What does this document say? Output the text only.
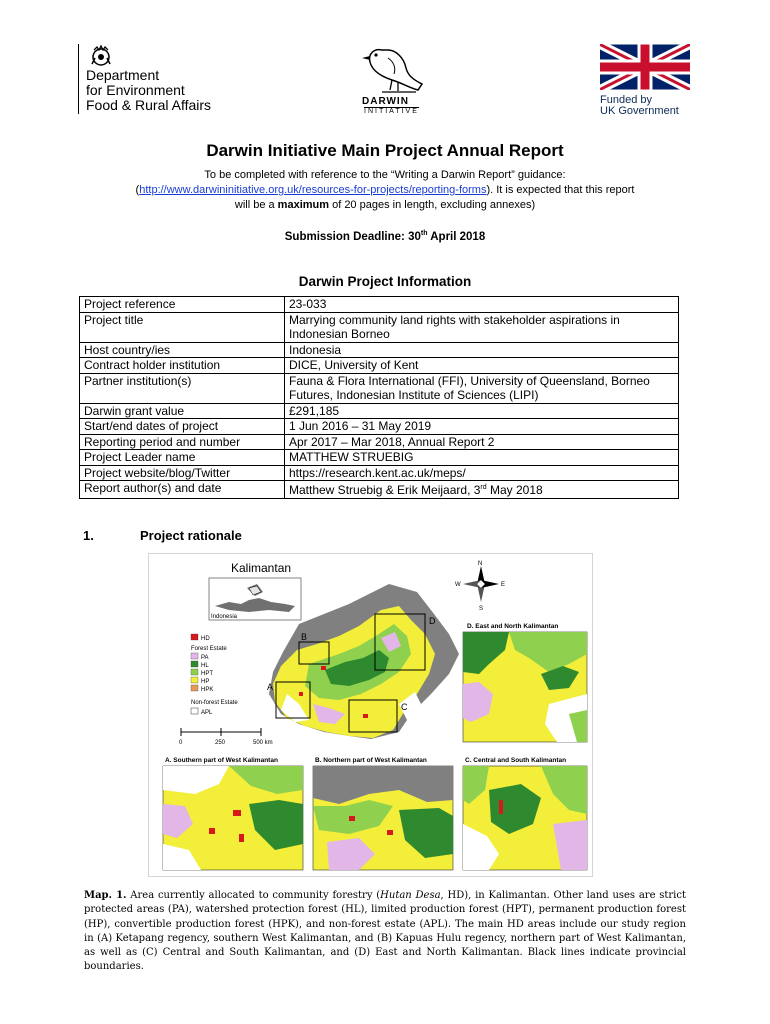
Department
for Environment
Food & Rural Affairs	DARWIN
INITIATIVE
Funded by
UK Government
Darwin Initiative Main Project Annual Report
To be completed with reference to the “Writing a Darwin Report” guidance:
(http://www.darwininitiative.org.uk/resources-for-projects/reporting-forms). It is expected that this report
will be a maximum of 20 pages in length, excluding annexes)
Submission Deadline: 30th April 2018
Darwin Project Information
Project reference	23-033
Project title	Marrying community land rights with stakeholder aspirations in Indonesian Borneo
Host country/ies	Indonesia
Contract holder institution	DICE, University of Kent
Partner institution(s)	Fauna & Flora International (FFI), University of Queensland, Borneo Futures, Indonesian Institute of Sciences (LIPI)
Darwin grant value	£291,185
Start/end dates of project	1 Jun 2016 – 31 May 2019
Reporting period and number	Apr 2017 – Mar 2018, Annual Report 2
Project Leader name	MATTHEW STRUEBIG
Project website/blog/Twitter	https://research.kent.ac.uk/meps/
Report author(s) and date	Matthew Struebig & Erik Meijaard, 3rd May 2018
1.	Project rationale
A
B
C
D
Kalimantan
Indonesia
N
S
W	E
HD
Forest Estate
PA
HL
HPT
HP
HPK
Non-forest Estate
APL
0	250	500 km
D. East and North Kalimantan
A. Southern part of West Kalimantan	B. Northern part of West Kalimantan	C. Central and South Kalimantan
Map. 1. Area currently allocated to community forestry (Hutan Desa, HD), in Kalimantan. Other land uses are strict protected areas (PA), watershed protection forest (HL), limited production forest (HPT), permanent production forest (HP), convertible production forest (HPK), and non-forest estate (APL). The main HD areas include our study region in (A) Ketapang regency, southern West Kalimantan, and (B) Kapuas Hulu regency, northern part of West Kalimantan, as well as (C) Central and South Kalimantan, and (D) East and North Kalimantan. Black lines indicate provincial boundaries.
